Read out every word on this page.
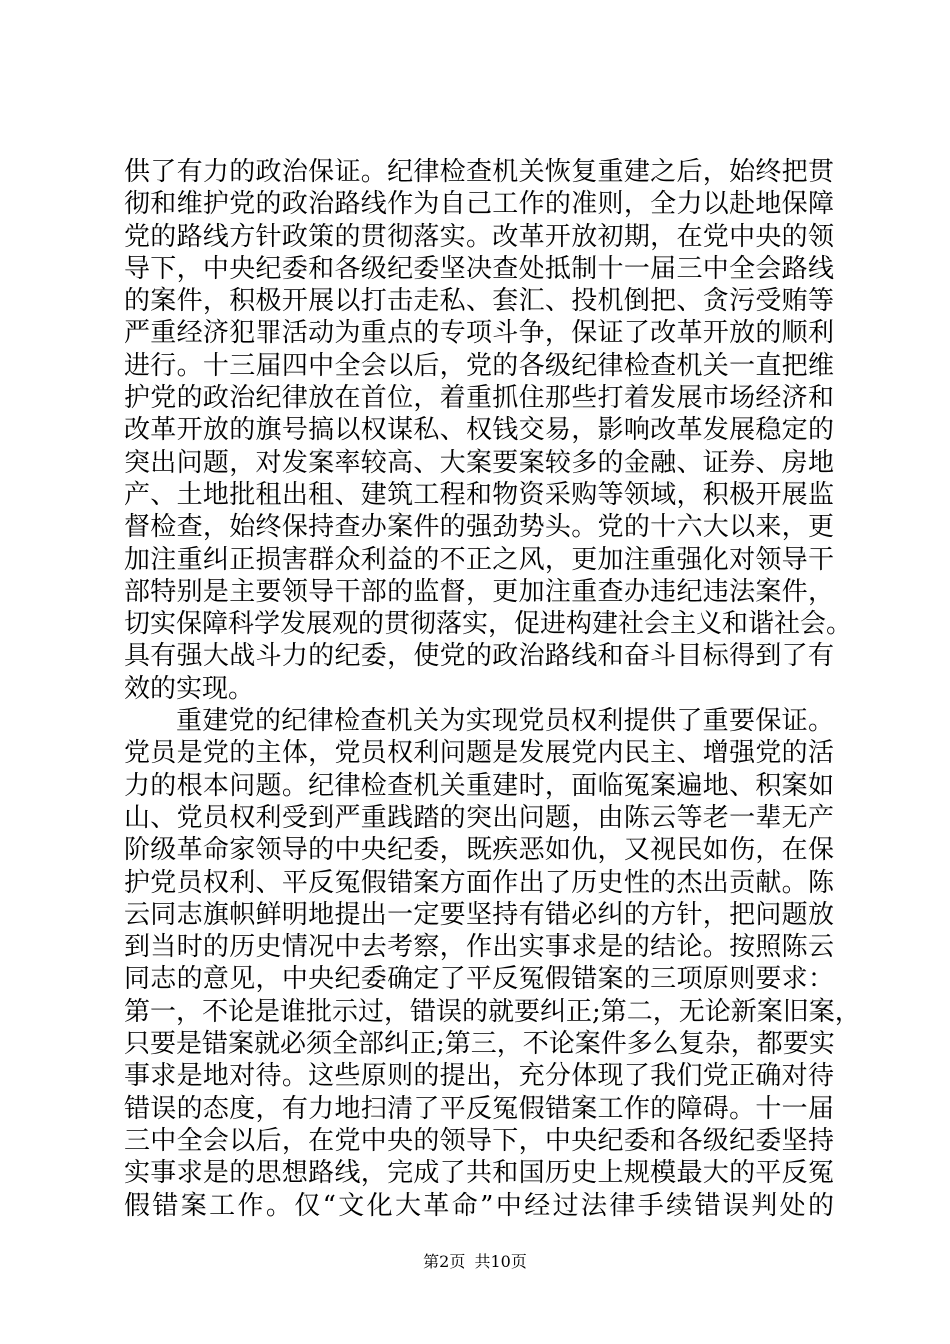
供了有力的政治保证。纪律检查机关恢复重建之后，始终把贯
彻和维护党的政治路线作为自己工作的准则，全力以赴地保障
党的路线方针政策的贯彻落实。改革开放初期，在党中央的领
导下，中央纪委和各级纪委坚决查处抵制十一届三中全会路线
的案件，积极开展以打击走私、套汇、投机倒把、贪污受贿等
严重经济犯罪活动为重点的专项斗争，保证了改革开放的顺利
进行。十三届四中全会以后，党的各级纪律检查机关一直把维
护党的政治纪律放在首位，着重抓住那些打着发展市场经济和
改革开放的旗号搞以权谋私、权钱交易，影响改革发展稳定的
突出问题，对发案率较高、大案要案较多的金融、证券、房地
产、土地批租出租、建筑工程和物资采购等领域，积极开展监
督检查，始终保持查办案件的强劲势头。党的十六大以来，更
加注重纠正损害群众利益的不正之风，更加注重强化对领导干
部特别是主要领导干部的监督，更加注重查办违纪违法案件，
切实保障科学发展观的贯彻落实，促进构建社会主义和谐社会。
具有强大战斗力的纪委，使党的政治路线和奋斗目标得到了有
效的实现。
重建党的纪律检查机关为实现党员权利提供了重要保证。
党员是党的主体，党员权利问题是发展党内民主、增强党的活
力的根本问题。纪律检查机关重建时，面临冤案遍地、积案如
山、党员权利受到严重践踏的突出问题，由陈云等老一辈无产
阶级革命家领导的中央纪委，既疾恶如仇，又视民如伤，在保
护党员权利、平反冤假错案方面作出了历史性的杰出贡献。陈
云同志旗帜鲜明地提出一定要坚持有错必纠的方针，把问题放
到当时的历史情况中去考察，作出实事求是的结论。按照陈云
同志的意见，中央纪委确定了平反冤假错案的三项原则要求：
第一，不论是谁批示过，错误的就要纠正;第二，无论新案旧案，
只要是错案就必须全部纠正;第三，不论案件多么复杂，都要实
事求是地对待。这些原则的提出，充分体现了我们党正确对待
错误的态度，有力地扫清了平反冤假错案工作的障碍。十一届
三中全会以后，在党中央的领导下，中央纪委和各级纪委坚持
实事求是的思想路线，完成了共和国历史上规模最大的平反冤
假错案工作。仅“文化大革命”中经过法律手续错误判处的
第2页 共10页
